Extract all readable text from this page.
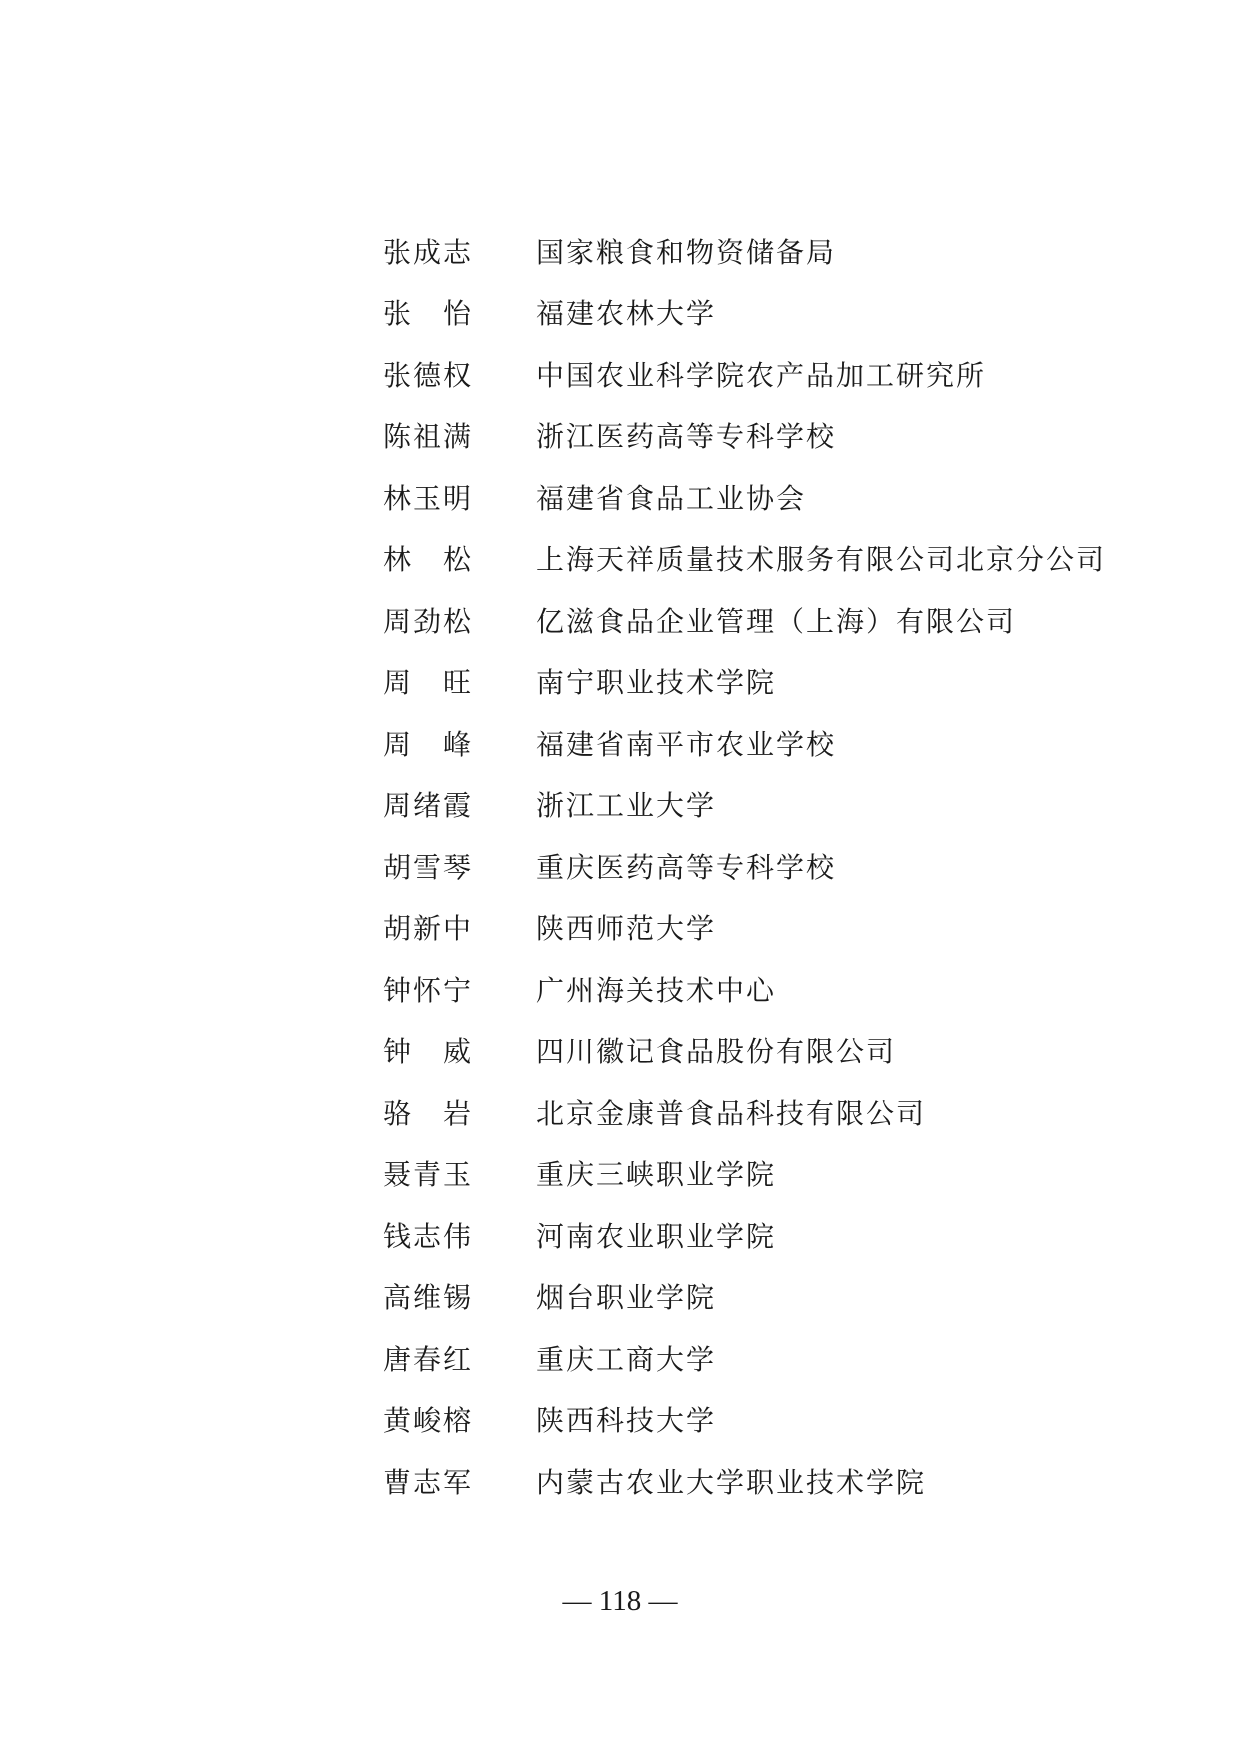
张成志	国家粮食和物资储备局
张　怡	福建农林大学
张德权	中国农业科学院农产品加工研究所
陈祖满	浙江医药高等专科学校
林玉明	福建省食品工业协会
林　松	上海天祥质量技术服务有限公司北京分公司
周劲松	亿滋食品企业管理（上海）有限公司
周　旺	南宁职业技术学院
周　峰	福建省南平市农业学校
周绪霞	浙江工业大学
胡雪琴	重庆医药高等专科学校
胡新中	陕西师范大学
钟怀宁	广州海关技术中心
钟　威	四川徽记食品股份有限公司
骆　岩	北京金康普食品科技有限公司
聂青玉	重庆三峡职业学院
钱志伟	河南农业职业学院
高维锡	烟台职业学院
唐春红	重庆工商大学
黄峻榕	陕西科技大学
曹志军	内蒙古农业大学职业技术学院
— 118 —
